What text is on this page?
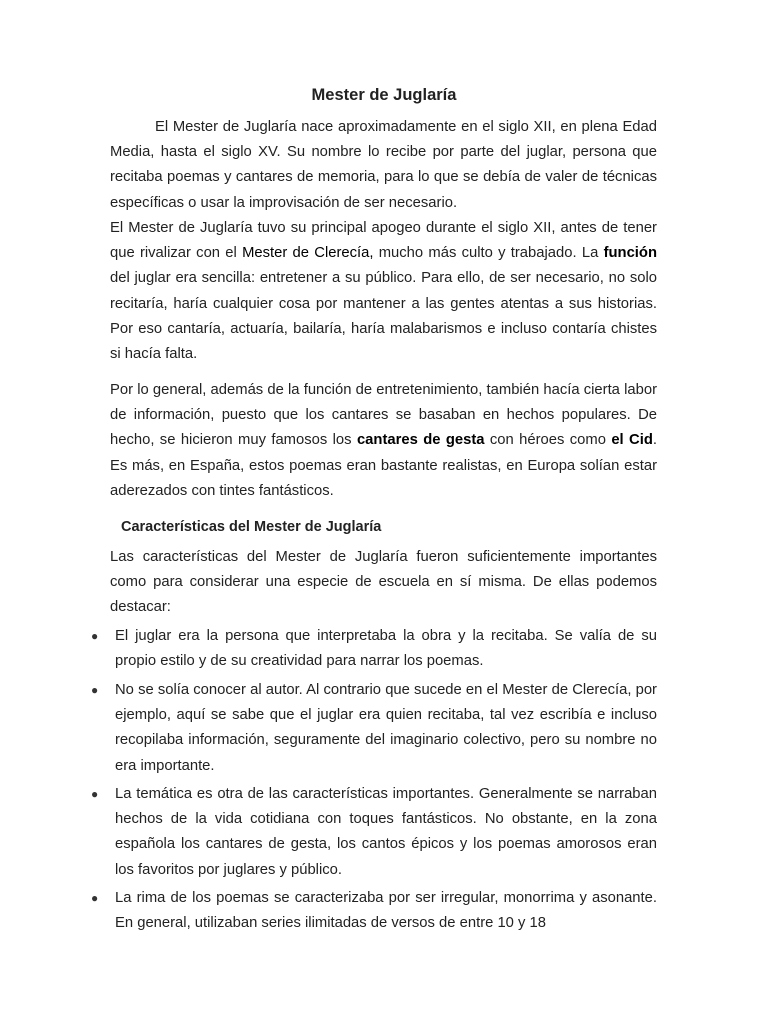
Mester de Juglaría

El Mester de Juglaría nace aproximadamente en el siglo XII, en plena Edad Media, hasta el siglo XV. Su nombre lo recibe por parte del juglar, persona que recitaba poemas y cantares de memoria, para lo que se debía de valer de técnicas específicas o usar la improvisación de ser necesario.

El Mester de Juglaría tuvo su principal apogeo durante el siglo XII, antes de tener que rivalizar con el Mester de Clerecía, mucho más culto y trabajado. La función del juglar era sencilla: entretener a su público. Para ello, de ser necesario, no solo recitaría, haría cualquier cosa por mantener a las gentes atentas a sus historias. Por eso cantaría, actuaría, bailaría, haría malabarismos e incluso contaría chistes si hacía falta.

Por lo general, además de la función de entretenimiento, también hacía cierta labor de información, puesto que los cantares se basaban en hechos populares. De hecho, se hicieron muy famosos los cantares de gesta con héroes como el Cid. Es más, en España, estos poemas eran bastante realistas, en Europa solían estar aderezados con tintes fantásticos.

Características del Mester de Juglaría

Las características del Mester de Juglaría fueron suficientemente importantes como para considerar una especie de escuela en sí misma. De ellas podemos destacar:

● El juglar era la persona que interpretaba la obra y la recitaba. Se valía de su propio estilo y de su creatividad para narrar los poemas.

● No se solía conocer al autor. Al contrario que sucede en el Mester de Clerecía, por ejemplo, aquí se sabe que el juglar era quien recitaba, tal vez escribía e incluso recopilaba información, seguramente del imaginario colectivo, pero su nombre no era importante.

● La temática es otra de las características importantes. Generalmente se narraban hechos de la vida cotidiana con toques fantásticos. No obstante, en la zona española los cantares de gesta, los cantos épicos y los poemas amorosos eran los favoritos por juglares y público.

● La rima de los poemas se caracterizaba por ser irregular, monorrima y asonante. En general, utilizaban series ilimitadas de versos de entre 10 y 18
